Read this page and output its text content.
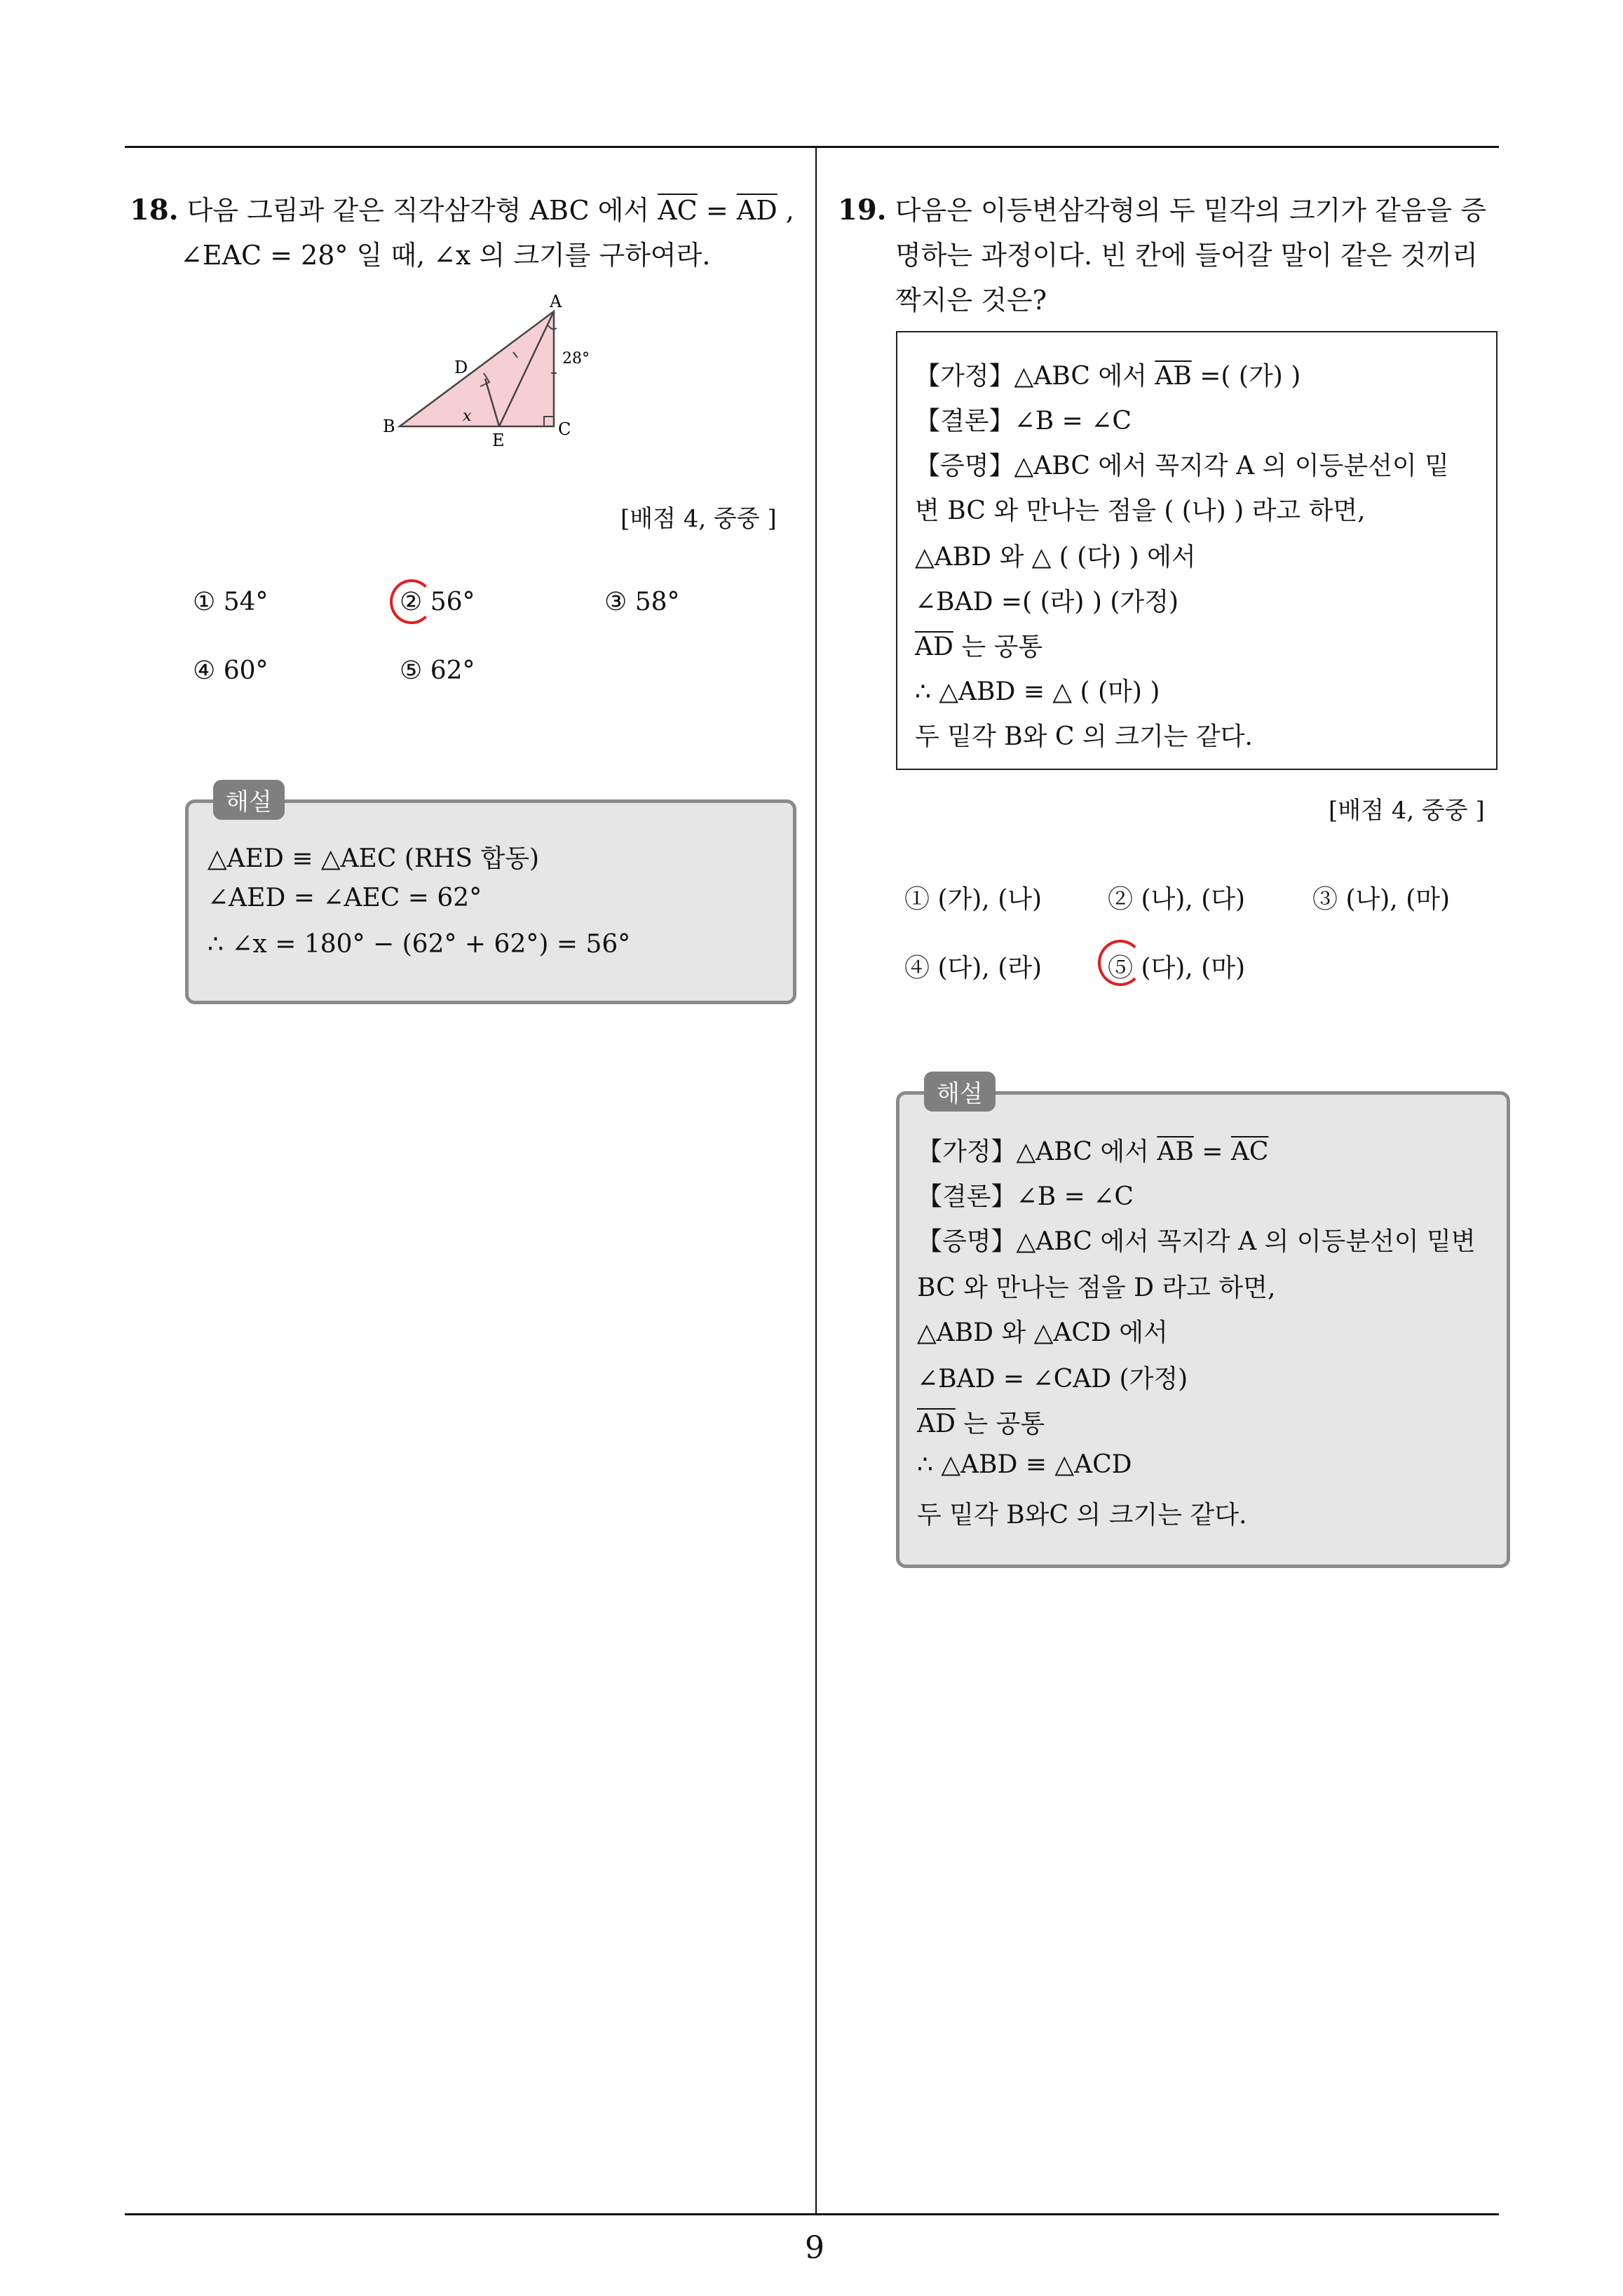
18. 다음 그림과 같은 직각삼각형 ABC 에서 $\overline{AC} = \overline{AD}$ ,
∠EAC = 28° 일 때, ∠x 의 크기를 구하여라.
A
B	C
D
E
28°
x
[배점 4, 중중 ]
① 54°	② 56°	③ 58°
④ 60°	⑤ 62°
해설
△AED ≡ △AEC (RHS 합동)
∠AED = ∠AEC = 62°
∴ ∠x = 180° − (62° + 62°) = 56°
19. 다음은 이등변삼각형의 두 밑각의 크기가 같음을 증
명하는 과정이다. 빈 칸에 들어갈 말이 같은 것끼리
짝지은 것은?
【가정】△ABC 에서 $\overline{AB}$ =( (가) )
【결론】∠B = ∠C
【증명】△ABC 에서 꼭지각 A 의 이등분선이 밑
변 BC 와 만나는 점을 ( (나) ) 라고 하면,
△ABD 와 △ ( (다) ) 에서
∠BAD =( (라) ) (가정)
$\overline{AD}$ 는 공통
∴ △ABD ≡ △ ( (마) )
두 밑각 B와 C 의 크기는 같다.
[배점 4, 중중 ]
① (가), (나)	② (나), (다)	③ (나), (마)
④ (다), (라)	⑤ (다), (마)
해설
【가정】△ABC 에서 $\overline{AB} = \overline{AC}$
【결론】∠B = ∠C
【증명】△ABC 에서 꼭지각 A 의 이등분선이 밑변
BC 와 만나는 점을 D 라고 하면,
△ABD 와 △ACD 에서
∠BAD = ∠CAD (가정)
$\overline{AD}$ 는 공통
∴ △ABD ≡ △ACD
두 밑각 B와C 의 크기는 같다.
9
